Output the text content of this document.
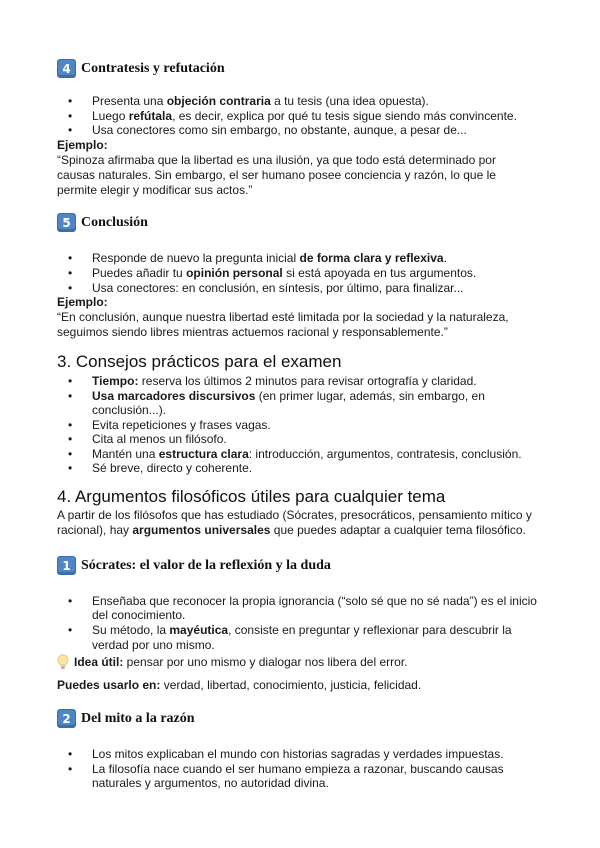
4 Contratesis y refutación
• Presenta una objeción contraria a tu tesis (una idea opuesta).
• Luego refútala, es decir, explica por qué tu tesis sigue siendo más convincente.
• Usa conectores como sin embargo, no obstante, aunque, a pesar de...
Ejemplo:
“Spinoza afirmaba que la libertad es una ilusión, ya que todo está determinado por
causas naturales. Sin embargo, el ser humano posee conciencia y razón, lo que le
permite elegir y modificar sus actos.”
5 Conclusión
• Responde de nuevo la pregunta inicial de forma clara y reflexiva.
• Puedes añadir tu opinión personal si está apoyada en tus argumentos.
• Usa conectores: en conclusión, en síntesis, por último, para finalizar...
Ejemplo:
“En conclusión, aunque nuestra libertad esté limitada por la sociedad y la naturaleza,
seguimos siendo libres mientras actuemos racional y responsablemente.”
3. Consejos prácticos para el examen
• Tiempo: reserva los últimos 2 minutos para revisar ortografía y claridad.
• Usa marcadores discursivos (en primer lugar, además, sin embargo, en
conclusión...).
• Evita repeticiones y frases vagas.
• Cita al menos un filósofo.
• Mantén una estructura clara: introducción, argumentos, contratesis, conclusión.
• Sé breve, directo y coherente.
4. Argumentos filosóficos útiles para cualquier tema
A partir de los filósofos que has estudiado (Sócrates, presocráticos, pensamiento mítico y
racional), hay argumentos universales que puedes adaptar a cualquier tema filosófico.
1 Sócrates: el valor de la reflexión y la duda
• Enseñaba que reconocer la propia ignorancia (“solo sé que no sé nada”) es el inicio
del conocimiento.
• Su método, la mayéutica, consiste en preguntar y reflexionar para descubrir la
verdad por uno mismo.
Idea útil: pensar por uno mismo y dialogar nos libera del error.
Puedes usarlo en: verdad, libertad, conocimiento, justicia, felicidad.
2 Del mito a la razón
• Los mitos explicaban el mundo con historias sagradas y verdades impuestas.
• La filosofía nace cuando el ser humano empieza a razonar, buscando causas
naturales y argumentos, no autoridad divina.
